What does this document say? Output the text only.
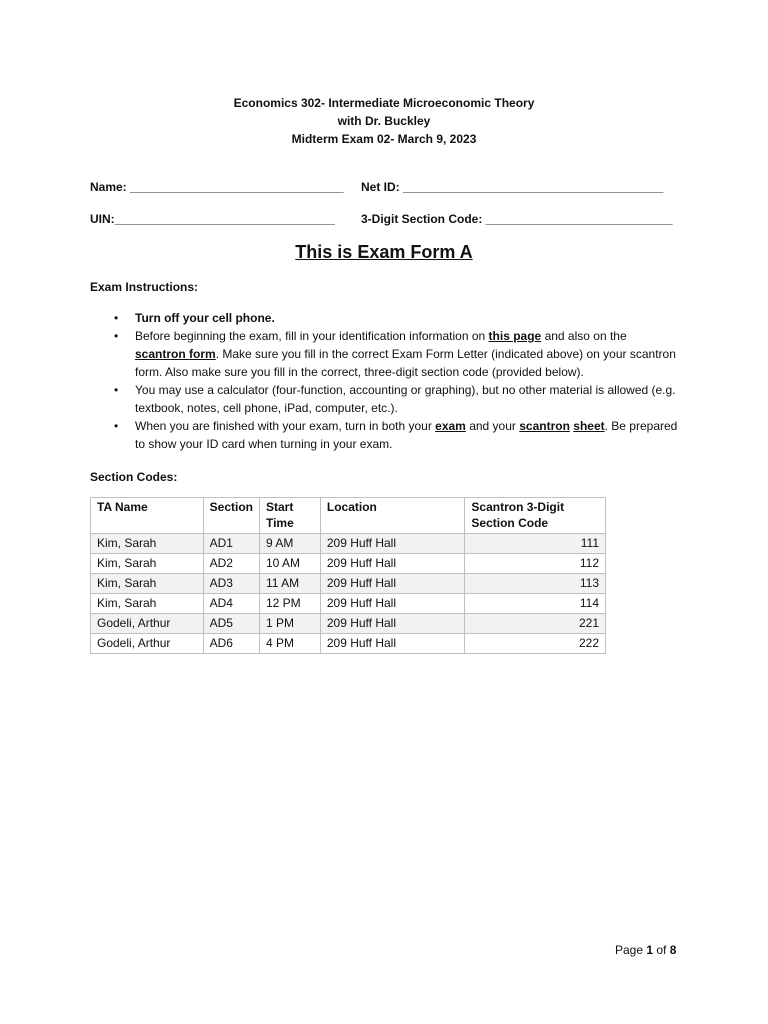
Economics 302- Intermediate Microeconomic Theory
with Dr. Buckley
Midterm Exam 02- March 9, 2023
Name: ________________________________ Net ID: _______________________________________
UIN:_________________________________ 3-Digit Section Code: ____________________________
This is Exam Form A
Exam Instructions:
• Turn off your cell phone.
• Before beginning the exam, fill in your identification information on this page and also on the scantron form. Make sure you fill in the correct Exam Form Letter (indicated above) on your scantron form. Also make sure you fill in the correct, three-digit section code (provided below).
• You may use a calculator (four-function, accounting or graphing), but no other material is allowed (e.g. textbook, notes, cell phone, iPad, computer, etc.).
• When you are finished with your exam, turn in both your exam and your scantron sheet. Be prepared to show your ID card when turning in your exam.
Section Codes:
TA Name	Section	Start Time	Location	Scantron 3-Digit Section Code
Kim, Sarah	AD1	9 AM	209 Huff Hall	111
Kim, Sarah	AD2	10 AM	209 Huff Hall	112
Kim, Sarah	AD3	11 AM	209 Huff Hall	113
Kim, Sarah	AD4	12 PM	209 Huff Hall	114
Godeli, Arthur	AD5	1 PM	209 Huff Hall	221
Godeli, Arthur	AD6	4 PM	209 Huff Hall	222
Page 1 of 8
